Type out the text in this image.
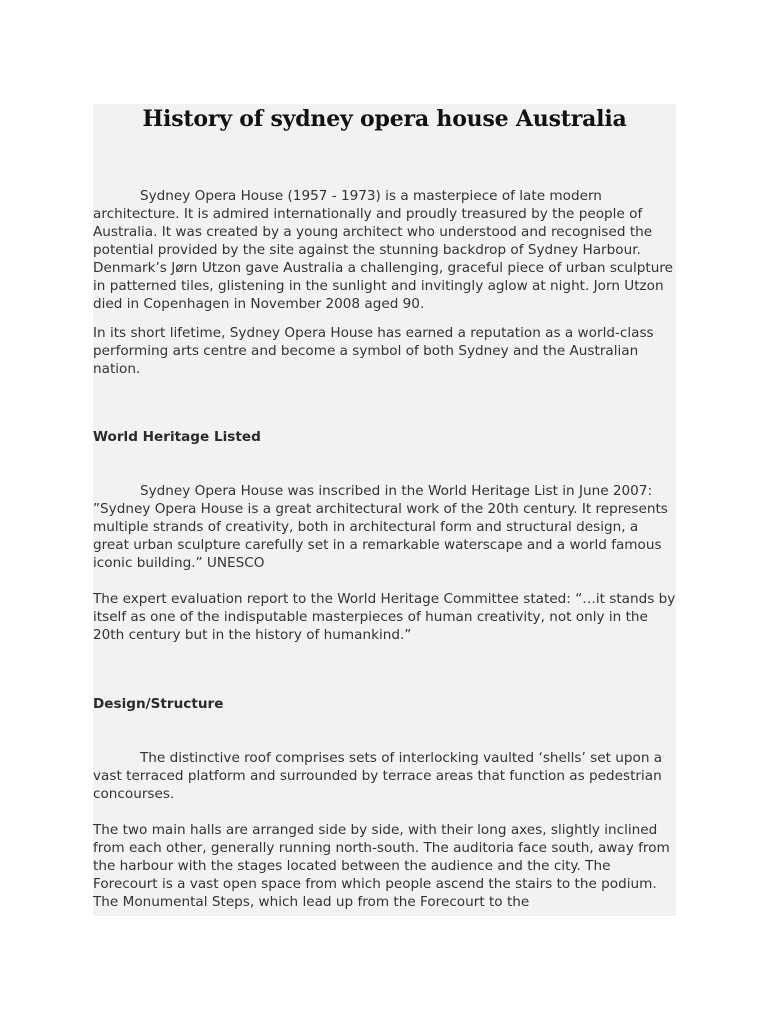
History of sydney opera house Australia

Sydney Opera House (1957 - 1973) is a masterpiece of late modern architecture. It is admired internationally and proudly treasured by the people of Australia. It was created by a young architect who understood and recognised the potential provided by the site against the stunning backdrop of Sydney Harbour. Denmark’s Jørn Utzon gave Australia a challenging, graceful piece of urban sculpture in patterned tiles, glistening in the sunlight and invitingly aglow at night. Jorn Utzon died in Copenhagen in November 2008 aged 90.

In its short lifetime, Sydney Opera House has earned a reputation as a world-class performing arts centre and become a symbol of both Sydney and the Australian nation.

World Heritage Listed

Sydney Opera House was inscribed in the World Heritage List in June 2007: ”Sydney Opera House is a great architectural work of the 20th century. It represents multiple strands of creativity, both in architectural form and structural design, a great urban sculpture carefully set in a remarkable waterscape and a world famous iconic building.” UNESCO

The expert evaluation report to the World Heritage Committee stated: “…it stands by itself as one of the indisputable masterpieces of human creativity, not only in the 20th century but in the history of humankind.”

Design/Structure

The distinctive roof comprises sets of interlocking vaulted ‘shells’ set upon a vast terraced platform and surrounded by terrace areas that function as pedestrian concourses.

The two main halls are arranged side by side, with their long axes, slightly inclined from each other, generally running north-south. The auditoria face south, away from the harbour with the stages located between the audience and the city. The Forecourt is a vast open space from which people ascend the stairs to the podium. The Monumental Steps, which lead up from the Forecourt to the
